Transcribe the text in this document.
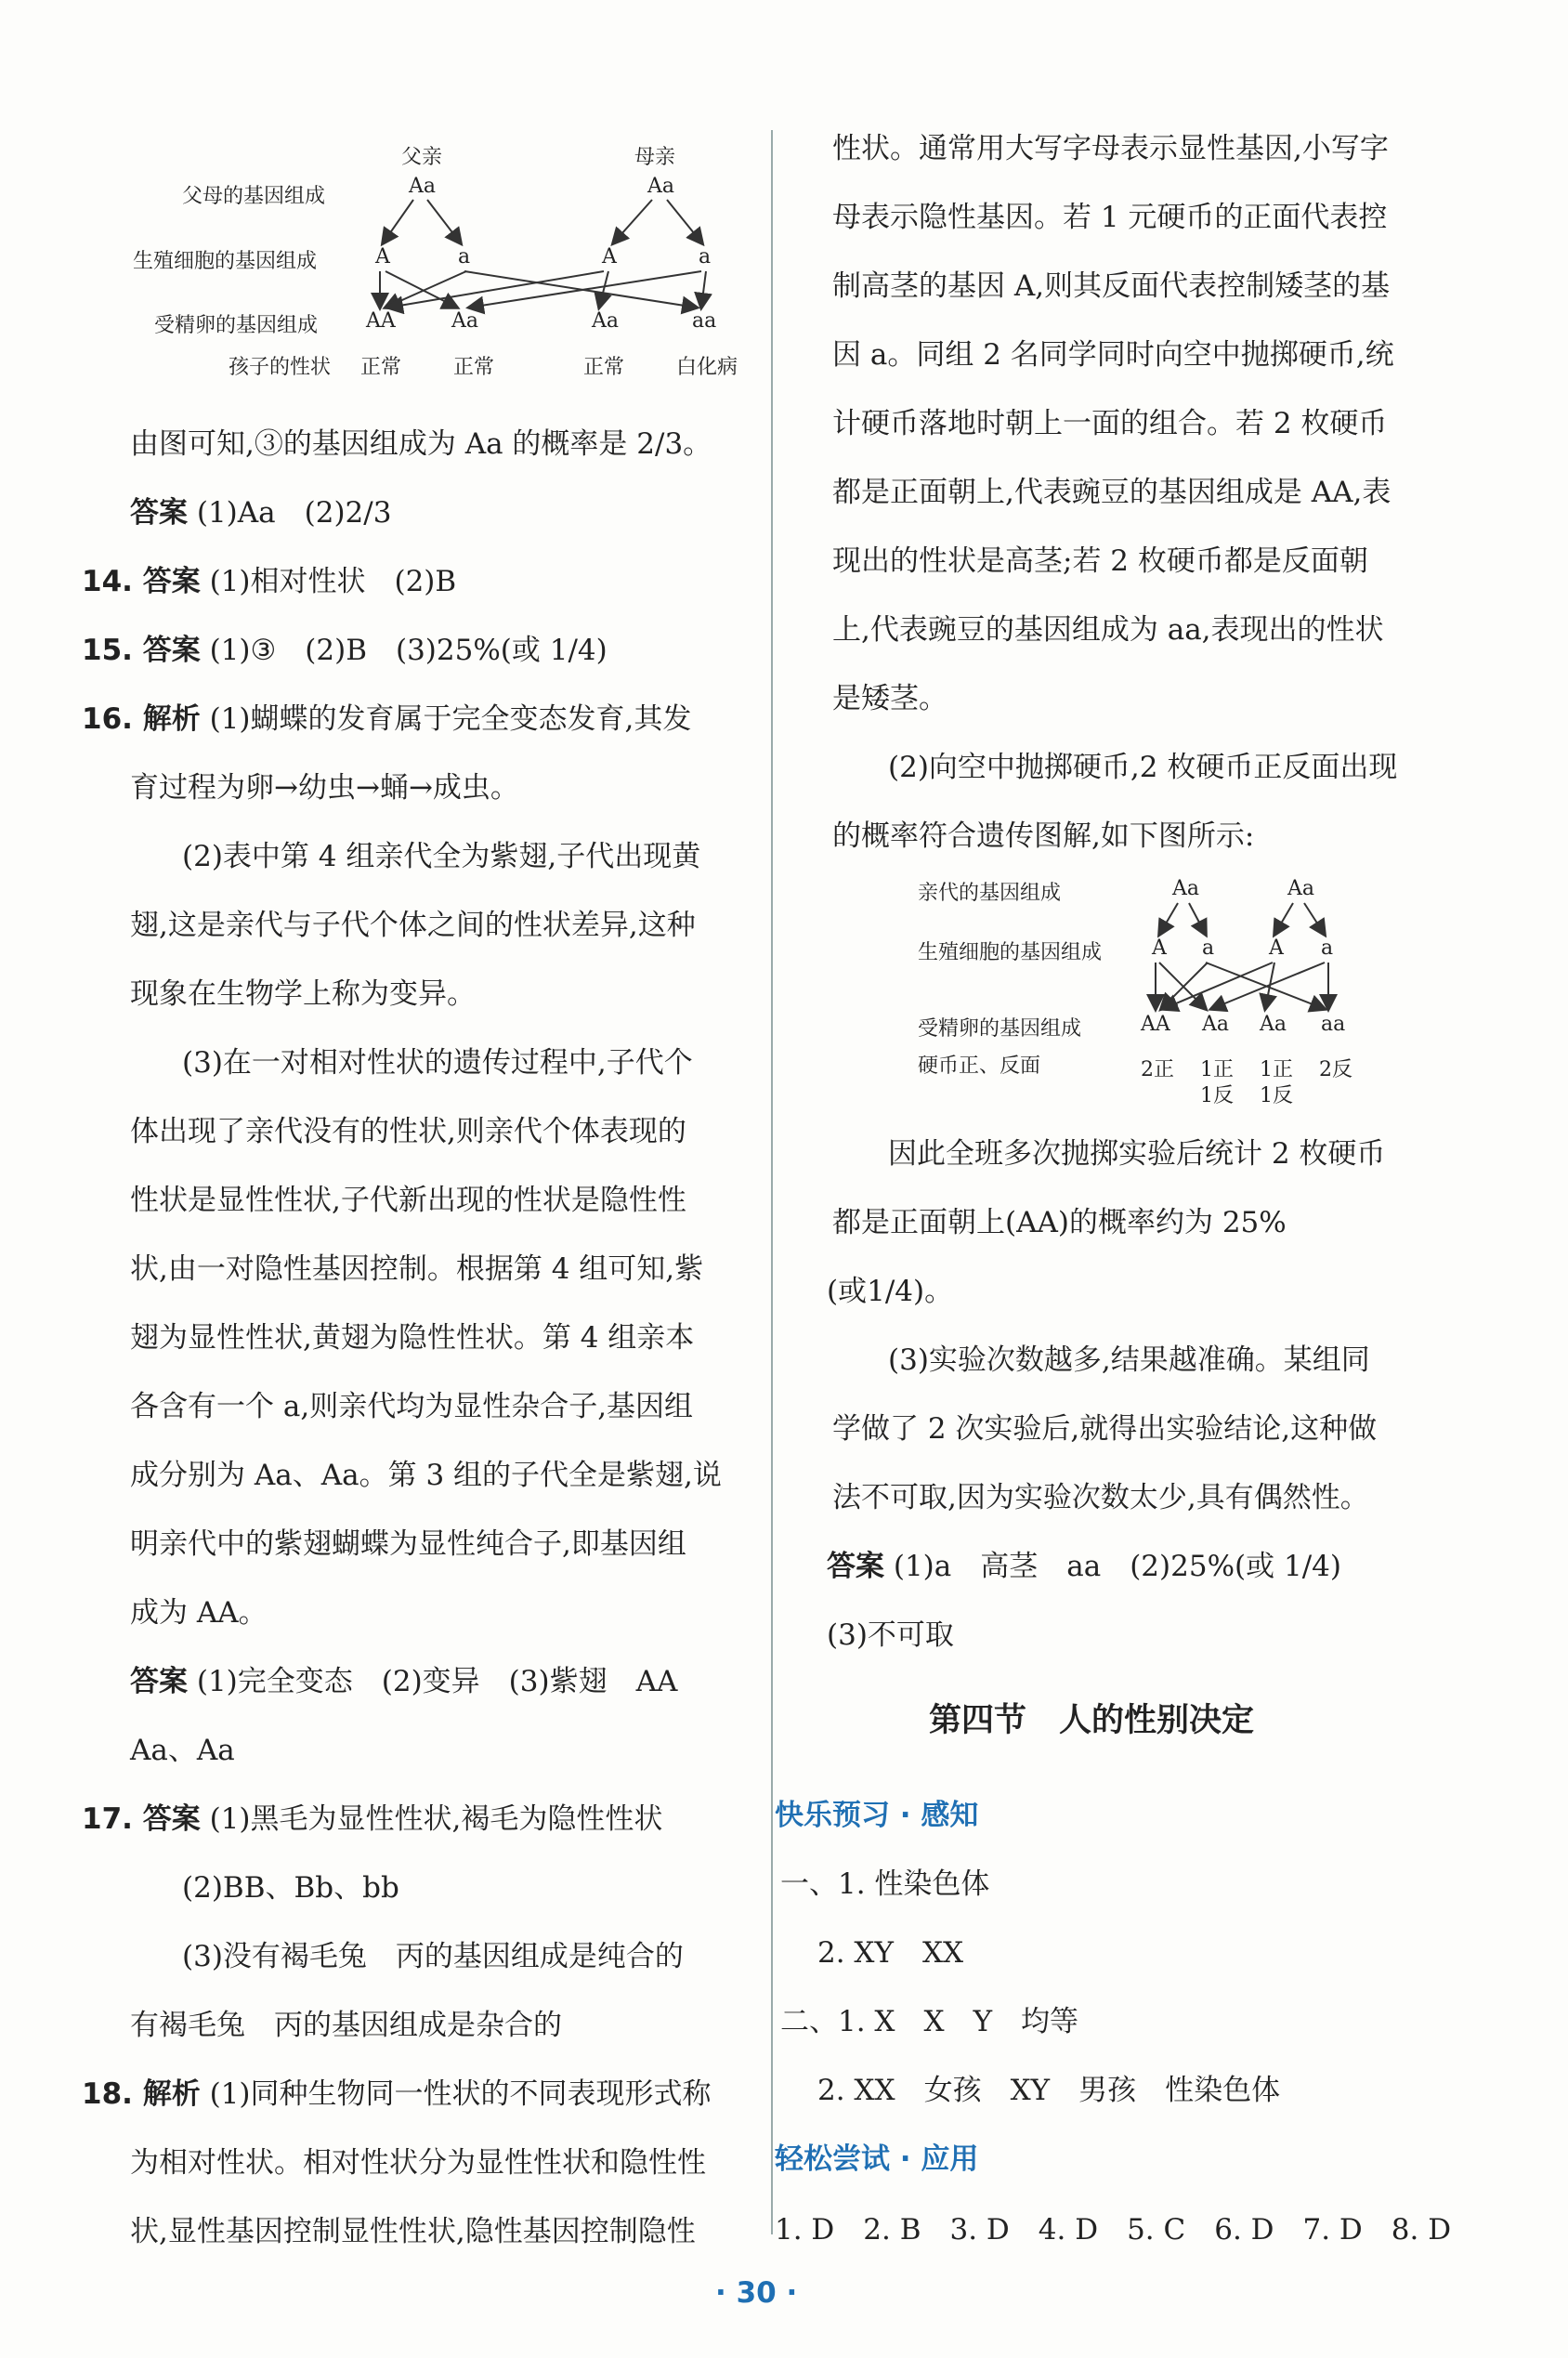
父亲	母亲
父母的基因组成	Aa	Aa
生殖细胞的基因组成	A	a	A	a
受精卵的基因组成 AA	Aa	Aa	aa
孩子的性状 正常	正常	正常	白化病
由图可知,③的基因组成为 Aa 的概率是 2/3。
答案 (1)Aa　(2)2/3
14. 答案 (1)相对性状　(2)B
15. 答案 (1)③　(2)B　(3)25%(或 1/4)
16. 解析 (1)蝴蝶的发育属于完全变态发育,其发
育过程为卵→幼虫→蛹→成虫。
(2)表中第 4 组亲代全为紫翅,子代出现黄
翅,这是亲代与子代个体之间的性状差异,这种
现象在生物学上称为变异。
(3)在一对相对性状的遗传过程中,子代个
体出现了亲代没有的性状,则亲代个体表现的
性状是显性性状,子代新出现的性状是隐性性
状,由一对隐性基因控制。根据第 4 组可知,紫
翅为显性性状,黄翅为隐性性状。第 4 组亲本
各含有一个 a,则亲代均为显性杂合子,基因组
成分别为 Aa、Aa。第 3 组的子代全是紫翅,说
明亲代中的紫翅蝴蝶为显性纯合子,即基因组
成为 AA。
答案 (1)完全变态　(2)变异　(3)紫翅　AA
Aa、Aa
17. 答案 (1)黑毛为显性性状,褐毛为隐性性状
(2)BB、Bb、bb
(3)没有褐毛兔　丙的基因组成是纯合的
有褐毛兔　丙的基因组成是杂合的
18. 解析 (1)同种生物同一性状的不同表现形式称
为相对性状。相对性状分为显性性状和隐性性
状,显性基因控制显性性状,隐性基因控制隐性
性状。通常用大写字母表示显性基因,小写字
母表示隐性基因。若 1 元硬币的正面代表控
制高茎的基因 A,则其反面代表控制矮茎的基
因 a。同组 2 名同学同时向空中抛掷硬币,统
计硬币落地时朝上一面的组合。若 2 枚硬币
都是正面朝上,代表豌豆的基因组成是 AA,表
现出的性状是高茎;若 2 枚硬币都是反面朝
上,代表豌豆的基因组成为 aa,表现出的性状
是矮茎。
(2)向空中抛掷硬币,2 枚硬币正反面出现
的概率符合遗传图解,如下图所示:
亲代的基因组成	Aa	Aa
生殖细胞的基因组成 A a	A a
受精卵的基因组成	AA Aa Aa aa
硬币正、反面	2正 1正 1正 2反
1反 1反
因此全班多次抛掷实验后统计 2 枚硬币
都是正面朝上(AA)的概率约为 25%
(或1/4)。
(3)实验次数越多,结果越准确。某组同
学做了 2 次实验后,就得出实验结论,这种做
法不可取,因为实验次数太少,具有偶然性。
答案 (1)a　高茎　aa　(2)25%(或 1/4)
(3)不可取
第四节　人的性别决定
快乐预习 · 感知
一、1. 性染色体
2. XY　XX
二、1. X　X　Y　均等
2. XX　女孩　XY　男孩　性染色体
轻松尝试 · 应用
1. D　2. B　3. D　4. D　5. C　6. D　7. D　8. D
· 30 ·
